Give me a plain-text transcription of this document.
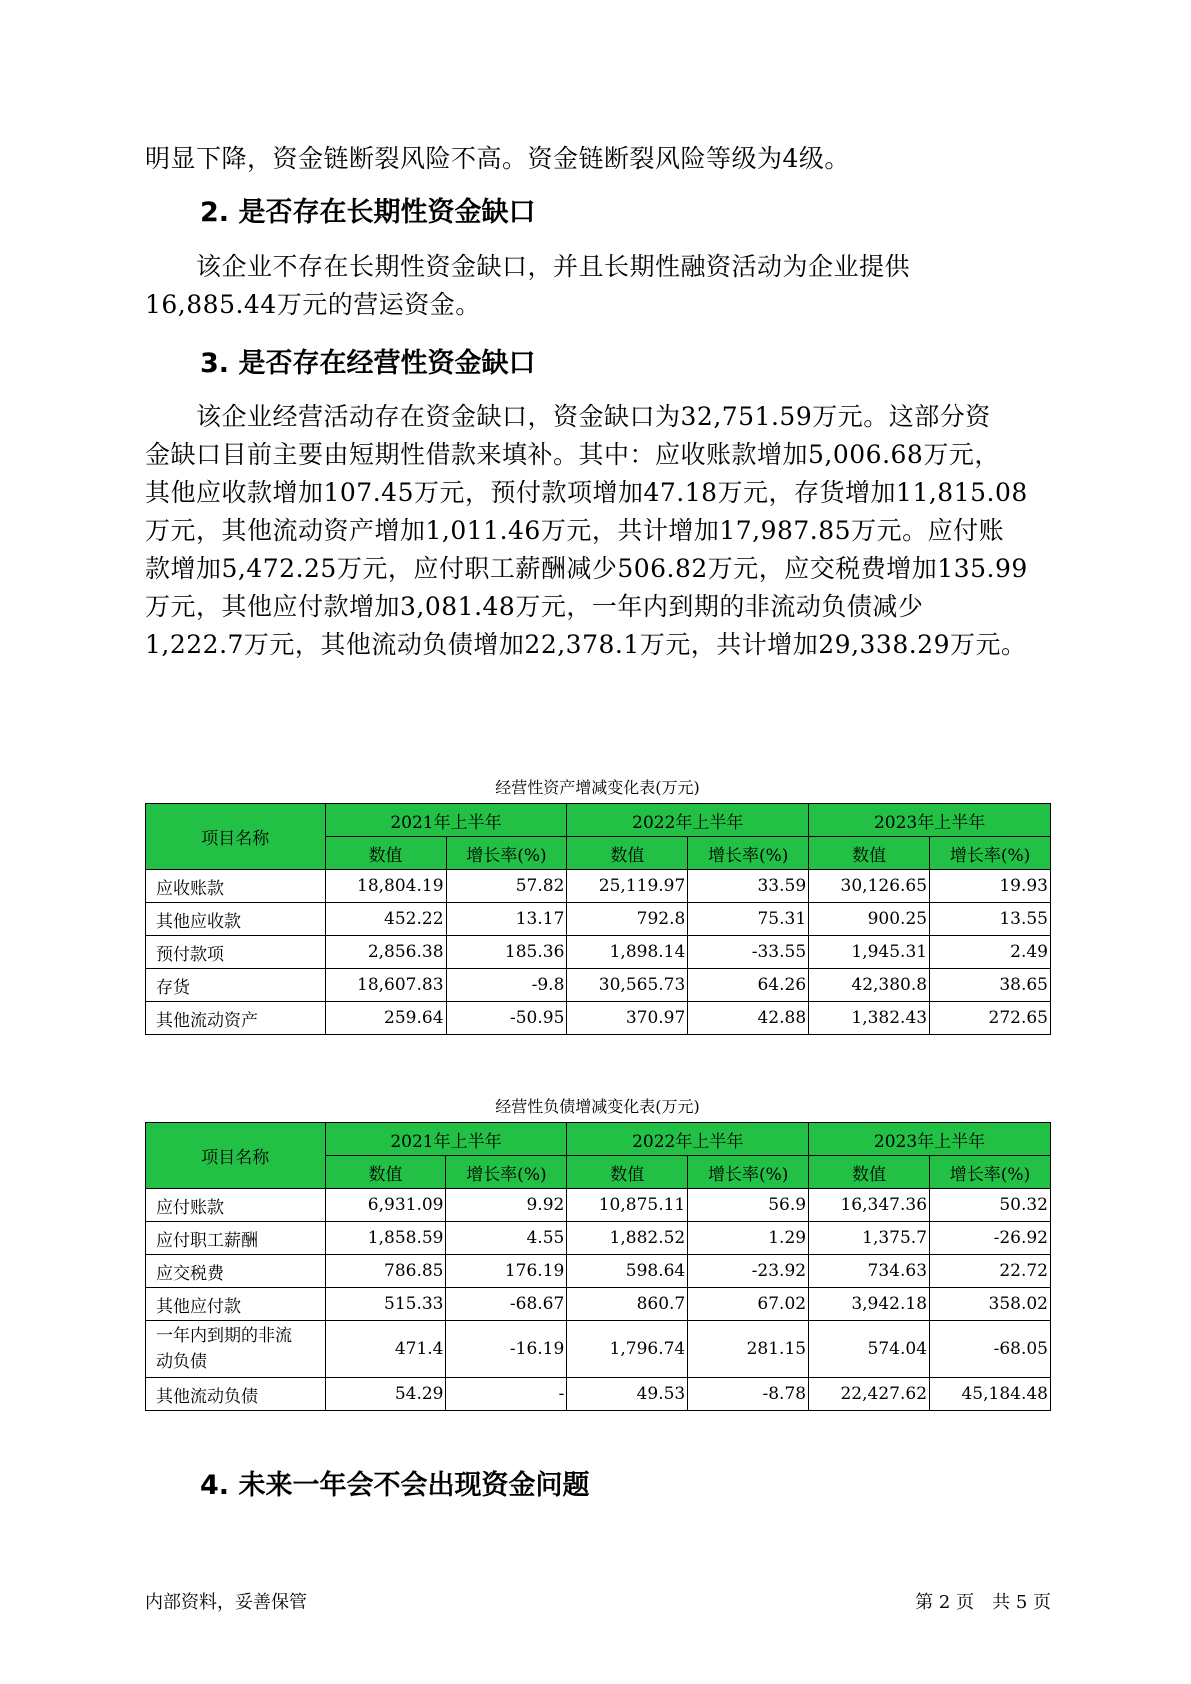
明显下降，资金链断裂风险不高。资金链断裂风险等级为4级。
2. 是否存在长期性资金缺口
　　该企业不存在长期性资金缺口，并且长期性融资活动为企业提供
16,885.44万元的营运资金。
3. 是否存在经营性资金缺口
　　该企业经营活动存在资金缺口，资金缺口为32,751.59万元。这部分资
金缺口目前主要由短期性借款来填补。其中：应收账款增加5,006.68万元，
其他应收款增加107.45万元，预付款项增加47.18万元，存货增加11,815.08
万元，其他流动资产增加1,011.46万元，共计增加17,987.85万元。应付账
款增加5,472.25万元，应付职工薪酬减少506.82万元，应交税费增加135.99
万元，其他应付款增加3,081.48万元，一年内到期的非流动负债减少
1,222.7万元，其他流动负债增加22,378.1万元，共计增加29,338.29万元。
经营性资产增减变化表(万元)
项目名称	2021年上半年		2022年上半年		2023年上半年	
	数值	增长率(%)	数值	增长率(%)	数值	增长率(%)
应收账款	18,804.19	57.82	25,119.97	33.59	30,126.65	19.93
其他应收款	452.22	13.17	792.8	75.31	900.25	13.55
预付款项	2,856.38	185.36	1,898.14	-33.55	1,945.31	2.49
存货	18,607.83	-9.8	30,565.73	64.26	42,380.8	38.65
其他流动资产	259.64	-50.95	370.97	42.88	1,382.43	272.65
经营性负债增减变化表(万元)
项目名称	2021年上半年		2022年上半年		2023年上半年	
	数值	增长率(%)	数值	增长率(%)	数值	增长率(%)
应付账款	6,931.09	9.92	10,875.11	56.9	16,347.36	50.32
应付职工薪酬	1,858.59	4.55	1,882.52	1.29	1,375.7	-26.92
应交税费	786.85	176.19	598.64	-23.92	734.63	22.72
其他应付款	515.33	-68.67	860.7	67.02	3,942.18	358.02

一年内到期的非流
动负债	471.4	-16.19	1,796.74	281.15	574.04	-68.05
其他流动负债	54.29	-	49.53	-8.78	22,427.62	45,184.48
4. 未来一年会不会出现资金问题
内部资料，妥善保管	第 2 页　共 5 页
